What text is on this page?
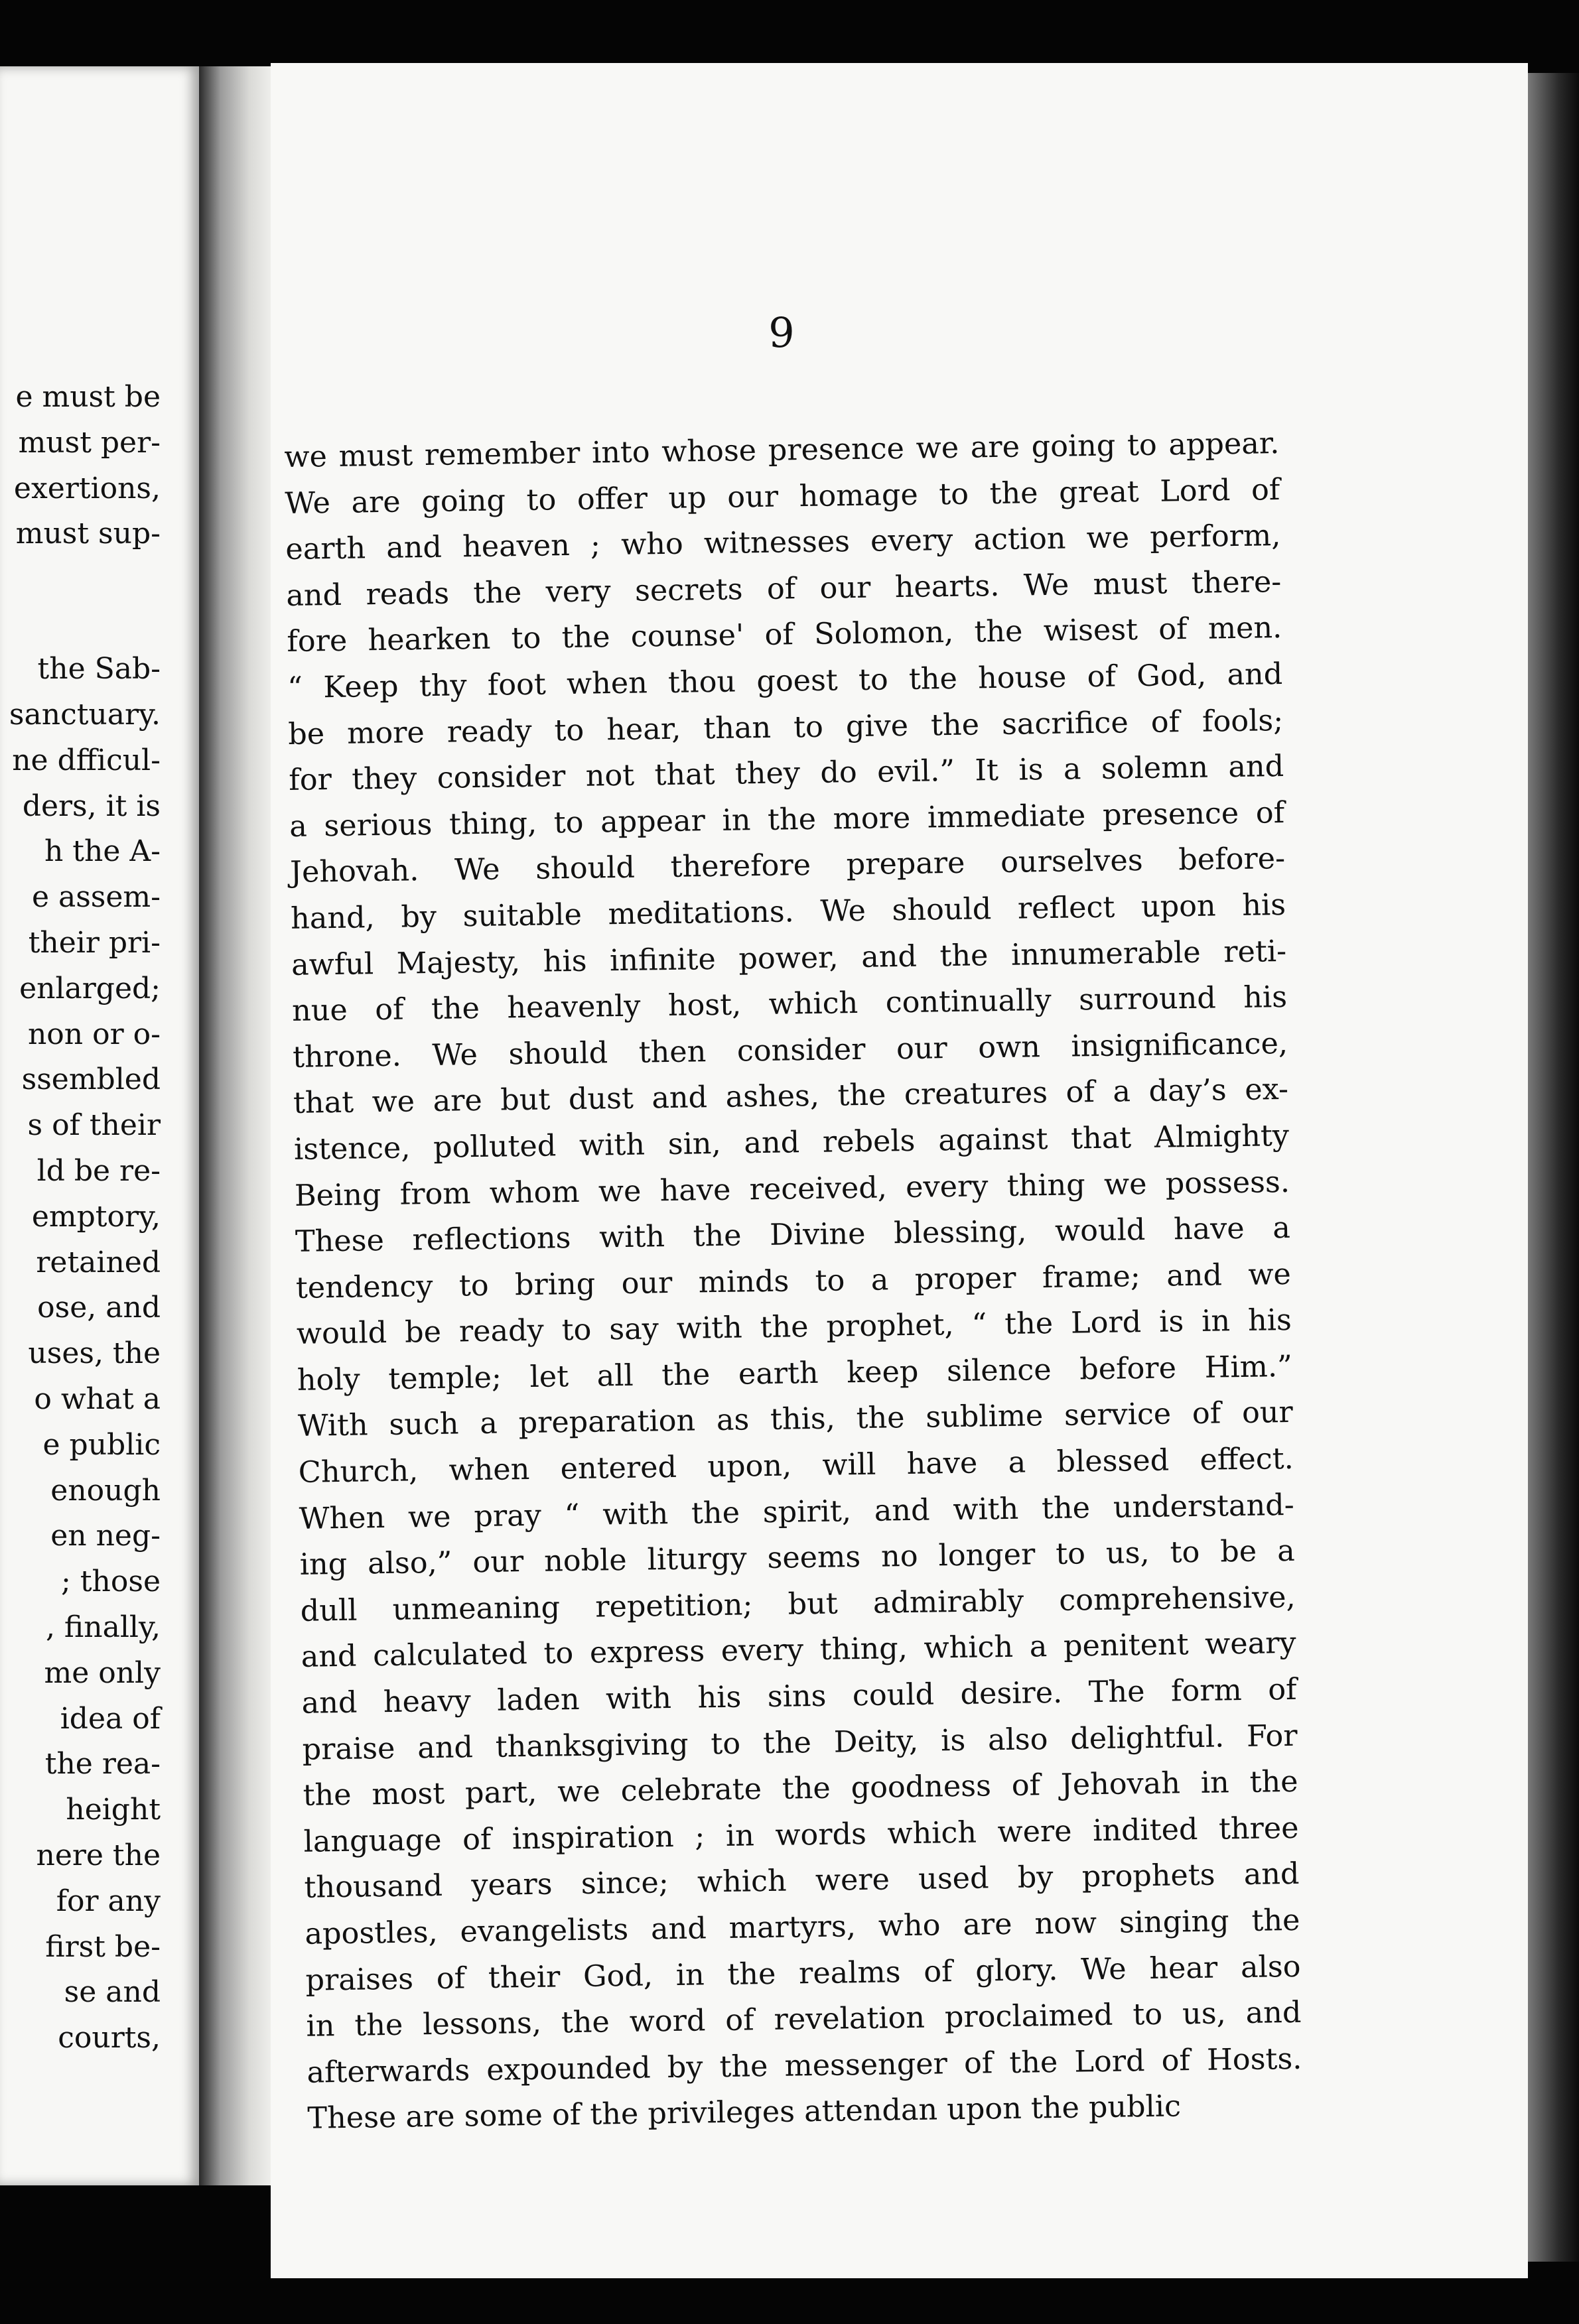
e must be
must per-
exertions,
must sup-
the Sab-
sanctuary.
ne dfficul-
ders, it is
h the A-
e assem-
their pri-
enlarged;
non or o-
ssembled
s of their
ld be re-
emptory,
retained
ose, and
uses, the
o what a
e public
enough
en neg-
; those
, finally,
me only
idea of
the rea-
height
nere the
for any
first be-
se and
courts,
9
we must remember into whose presence we are going to appear.
We are going to offer up our homage to the great Lord of
earth and heaven ; who witnesses every action we perform,
and reads the very secrets of our hearts. We must there-
fore hearken to the counse' of Solomon, the wisest of men.
“ Keep thy foot when thou goest to the house of God, and
be more ready to hear, than to give the sacrifice of fools;
for they consider not that they do evil.” It is a solemn and
a serious thing, to appear in the more immediate presence of
Jehovah. We should therefore prepare ourselves before-
hand, by suitable meditations. We should reflect upon his
awful Majesty, his infinite power, and the innumerable reti-
nue of the heavenly host, which continually surround his
throne. We should then consider our own insignificance,
that we are but dust and ashes, the creatures of a day’s ex-
istence, polluted with sin, and rebels against that Almighty
Being from whom we have received, every thing we possess.
These reflections with the Divine blessing, would have a
tendency to bring our minds to a proper frame; and we
would be ready to say with the prophet, “ the Lord is in his
holy temple; let all the earth keep silence before Him.”
With such a preparation as this, the sublime service of our
Church, when entered upon, will have a blessed effect.
When we pray “ with the spirit, and with the understand-
ing also,” our noble liturgy seems no longer to us, to be a
dull unmeaning repetition; but admirably comprehensive,
and calculated to express every thing, which a penitent weary
and heavy laden with his sins could desire. The form of
praise and thanksgiving to the Deity, is also delightful. For
the most part, we celebrate the goodness of Jehovah in the
language of inspiration ; in words which were indited three
thousand years since; which were used by prophets and
apostles, evangelists and martyrs, who are now singing the
praises of their God, in the realms of glory. We hear also
in the lessons, the word of revelation proclaimed to us, and
afterwards expounded by the messenger of the Lord of Hosts.
These are some of the privileges attendan upon the public
